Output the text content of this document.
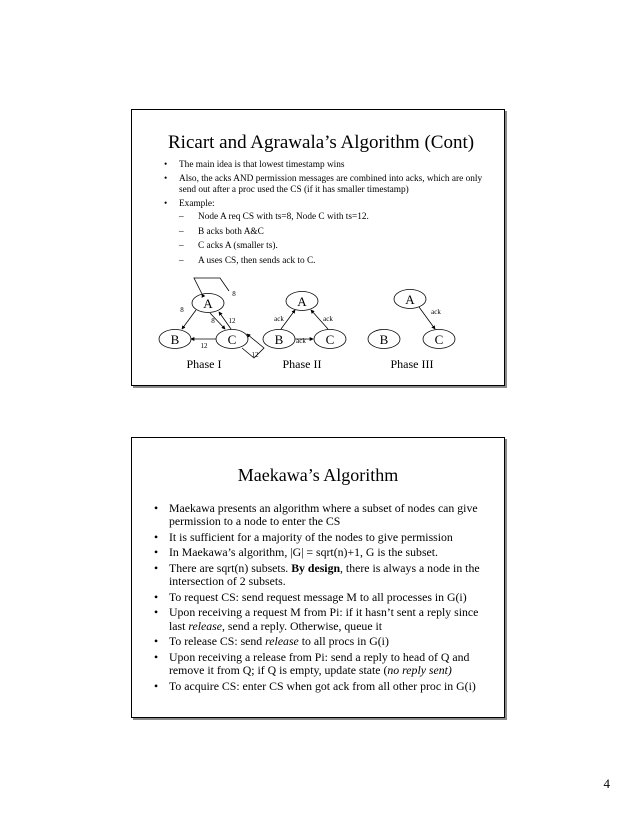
Ricart and Agrawala’s Algorithm (Cont)
• The main idea is that lowest timestamp wins
• Also, the acks AND permission messages are combined into acks, which are only send out after a proc used the CS (if it has smaller timestamp)
• Example:
– Node A req CS with ts=8, Node C with ts=12.
– B acks both A&C
– C acks A (smaller ts).
– A uses CS, then sends ack to C.
A
B	C
A
B	C
A
B	C
8
8
8 12
12
12
ack	ack
ack
ack
Phase I	Phase II	Phase III
Maekawa’s Algorithm
• Maekawa presents an algorithm where a subset of nodes can give permission to a node to enter the CS
• It is sufficient for a majority of the nodes to give permission
• In Maekawa’s algorithm, |G| = sqrt(n)+1, G is the subset.
• There are sqrt(n) subsets. By design, there is always a node in the intersection of 2 subsets.
• To request CS: send request message M to all processes in G(i)
• Upon receiving a request M from Pi: if it hasn’t sent a reply since last release, send a reply. Otherwise, queue it
• To release CS: send release to all procs in G(i)
• Upon receiving a release from Pi: send a reply to head of Q and remove it from Q; if Q is empty, update state (no reply sent)
• To acquire CS: enter CS when got ack from all other proc in G(i)
4
